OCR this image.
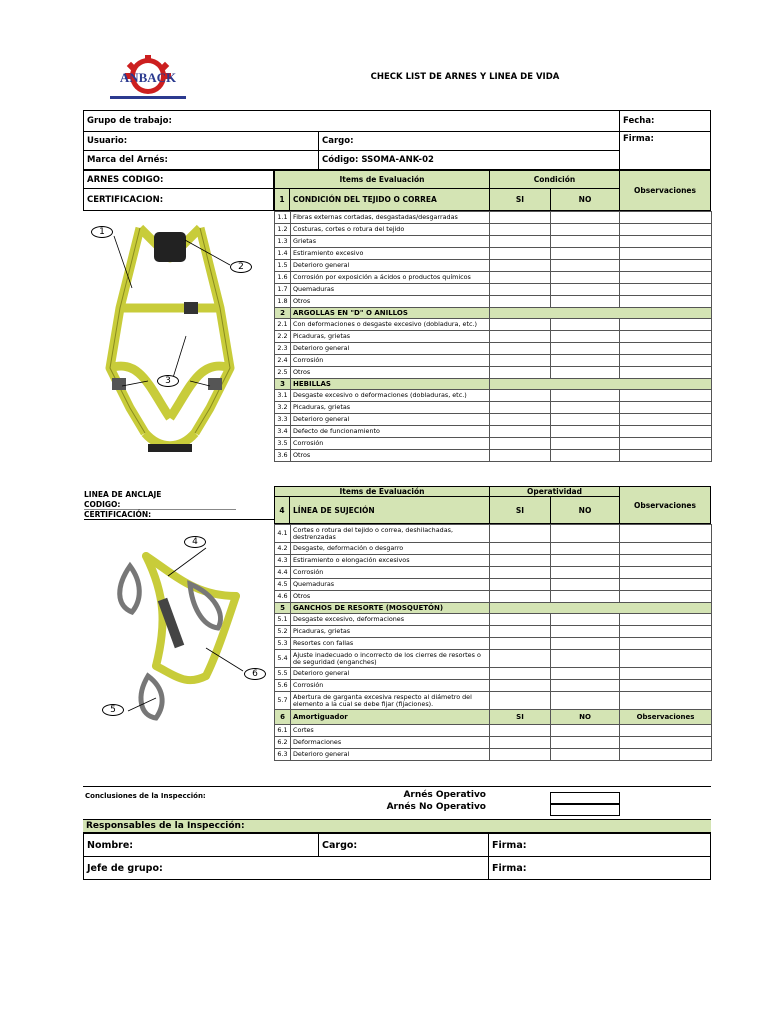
ANBACK	CHECK LIST DE ARNES Y LINEA DE VIDA
Grupo de trabajo:	Fecha:
Firma:
Usuario:	Cargo:
Marca del Arnés:	Código: SSOMA-ANK-02
ARNES CODIGO:
CERTIFICACION:
Items de Evaluación	Condición
Observaciones
1	CONDICIÓN DEL TEJIDO O CORREA	SI	NO
1
2
3
1.1	Fibras externas cortadas, desgastadas/desgarradas			
1.2	Costuras, cortes o rotura del tejido			
1.3	Grietas			
1.4	Estiramiento excesivo			
1.5	Deterioro general			
1.6	Corrosión por exposición a ácidos o productos químicos			
1.7	Quemaduras			
1.8	Otros			
2	ARGOLLAS EN "D" O ANILLOS			
2.1	Con deformaciones o desgaste excesivo (dobladura, etc.)			
2.2	Picaduras, grietas			
2.3	Deterioro general			
2.4	Corrosión			
2.5	Otros			
3	HEBILLAS			
3.1	Desgaste excesivo o deformaciones (dobladuras, etc.)			
3.2	Picaduras, grietas			
3.3	Deterioro general			
3.4	Defecto de funcionamiento			
3.5	Corrosión			
3.6	Otros			
LINEA DE ANCLAJE
CODIGO:
CERTIFICACIÓN:
Items de Evaluación	Operatividad
Observaciones
4	LÍNEA DE SUJECIÓN	SI	NO
4
5
6
4.1	Cortes o rotura del tejido o correa, deshilachadas, destrenzadas			
4.2	Desgaste, deformación o desgarro			
4.3	Estiramiento o elongación excesivos			
4.4	Corrosión			
4.5	Quemaduras			
4.6	Otros			
5	GANCHOS DE RESORTE (MOSQUETÓN)			
5.1	Desgaste excesivo, deformaciones			
5.2	Picaduras, grietas			
5.3	Resortes con fallas			
5.4	Ajuste inadecuado o incorrecto de los cierres de resortes o de seguridad (enganches)			
5.5	Deterioro general			
5.6	Corrosión			
5.7	Abertura de garganta excesiva respecto al diámetro del elemento a la cual se debe fijar (fijaciones).			
6	Amortiguador	SI	NO	Observaciones
6.1	Cortes			
6.2	Deformaciones			
6.3	Deterioro general			
Conclusiones de la Inspección:	Arnés Operativo
Arnés No Operativo
Responsables de la Inspección:
Nombre:	Cargo:	Firma:
Jefe de grupo:	Firma:
